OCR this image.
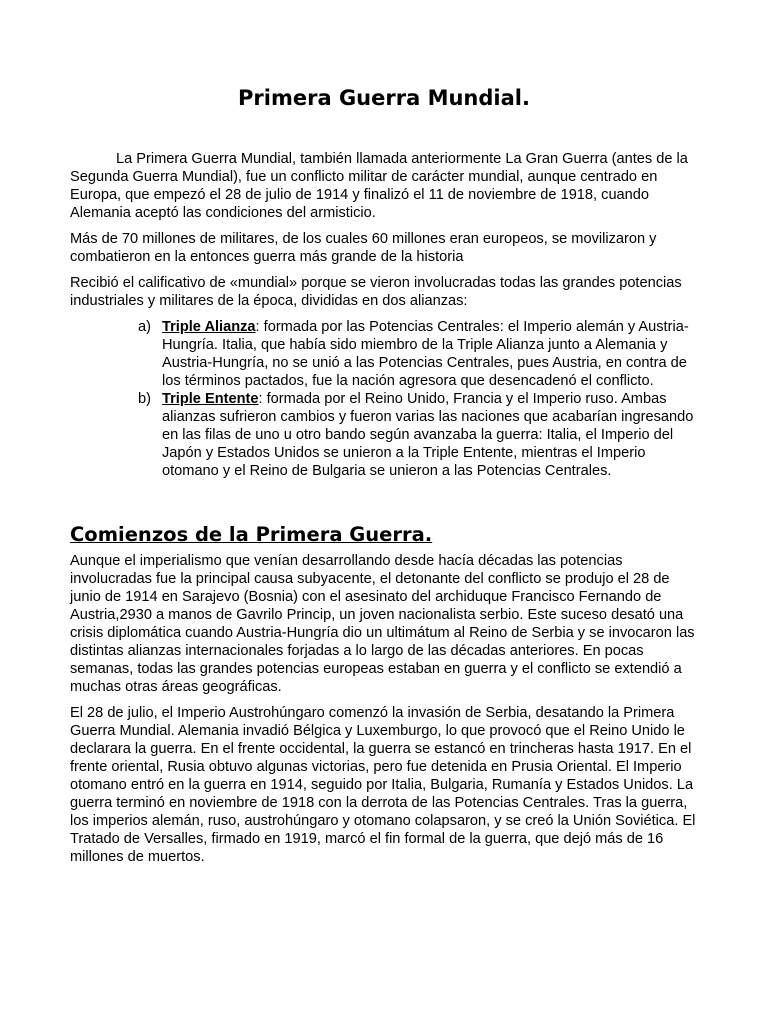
Primera Guerra Mundial.

La Primera Guerra Mundial, también llamada anteriormente La Gran Guerra (antes de la Segunda Guerra Mundial), fue un conflicto militar de carácter mundial, aunque centrado en Europa, que empezó el 28 de julio de 1914 y finalizó el 11 de noviembre de 1918, cuando Alemania aceptó las condiciones del armisticio.

Más de 70 millones de militares, de los cuales 60 millones eran europeos, se movilizaron y combatieron en la entonces guerra más grande de la historia

Recibió el calificativo de «mundial» porque se vieron involucradas todas las grandes potencias industriales y militares de la época, divididas en dos alianzas:

a) Triple Alianza: formada por las Potencias Centrales: el Imperio alemán y Austria-Hungría. Italia, que había sido miembro de la Triple Alianza junto a Alemania y Austria-Hungría, no se unió a las Potencias Centrales, pues Austria, en contra de los términos pactados, fue la nación agresora que desencadenó el conflicto.
b) Triple Entente: formada por el Reino Unido, Francia y el Imperio ruso. Ambas alianzas sufrieron cambios y fueron varias las naciones que acabarían ingresando en las filas de uno u otro bando según avanzaba la guerra: Italia, el Imperio del Japón y Estados Unidos se unieron a la Triple Entente, mientras el Imperio otomano y el Reino de Bulgaria se unieron a las Potencias Centrales.
Comienzos de la Primera Guerra.

Aunque el imperialismo que venían desarrollando desde hacía décadas las potencias involucradas fue la principal causa subyacente, el detonante del conflicto se produjo el 28 de junio de 1914 en Sarajevo (Bosnia) con el asesinato del archiduque Francisco Fernando de Austria,2930 a manos de Gavrilo Princip, un joven nacionalista serbio. Este suceso desató una crisis diplomática cuando Austria-Hungría dio un ultimátum al Reino de Serbia y se invocaron las distintas alianzas internacionales forjadas a lo largo de las décadas anteriores. En pocas semanas, todas las grandes potencias europeas estaban en guerra y el conflicto se extendió a muchas otras áreas geográficas.

El 28 de julio, el Imperio Austrohúngaro comenzó la invasión de Serbia, desatando la Primera Guerra Mundial. Alemania invadió Bélgica y Luxemburgo, lo que provocó que el Reino Unido le declarara la guerra. En el frente occidental, la guerra se estancó en trincheras hasta 1917. En el frente oriental, Rusia obtuvo algunas victorias, pero fue detenida en Prusia Oriental. El Imperio otomano entró en la guerra en 1914, seguido por Italia, Bulgaria, Rumanía y Estados Unidos. La guerra terminó en noviembre de 1918 con la derrota de las Potencias Centrales. Tras la guerra, los imperios alemán, ruso, austrohúngaro y otomano colapsaron, y se creó la Unión Soviética. El Tratado de Versalles, firmado en 1919, marcó el fin formal de la guerra, que dejó más de 16 millones de muertos.
